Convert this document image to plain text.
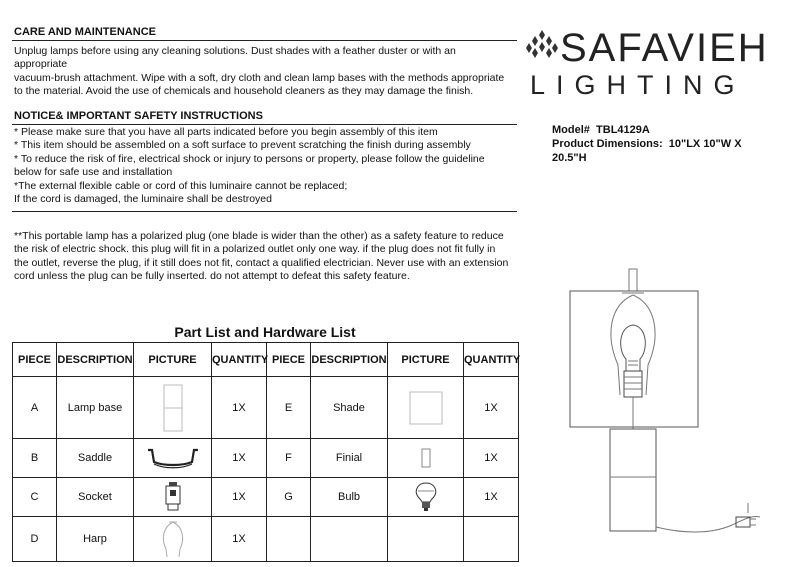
CARE AND MAINTENANCE
Unplug lamps before using any cleaning solutions. Dust shades with a feather duster or with an
appropriate
vacuum-brush attachment. Wipe with a soft, dry cloth and clean lamp bases with the methods appropriate
to the material. Avoid the use of chemicals and household cleaners as they may damage the finish.
NOTICE& IMPORTANT SAFETY INSTRUCTIONS
* Please make sure that you have all parts indicated before you begin assembly of this item
* This item should be assembled on a soft surface to prevent scratching the finish during assembly
* To reduce the risk of fire, electrical shock or injury to persons or property, please follow the guideline
below for safe use and installation
*The external flexible cable or cord of this luminaire cannot be replaced;
If the cord is damaged, the luminaire shall be destroyed
**This portable lamp has a polarized plug (one blade is wider than the other) as a safety feature to reduce
the risk of electric shock. this plug will fit in a polarized outlet only one way. if the plug does not fit fully in
the outlet, reverse the plug, if it still does not fit, contact a qualified electrician. Never use with an extension
cord unless the plug can be fully inserted. do not attempt to defeat this safety feature.
SAFAVIEH
LIGHTING
Model# TBL4129A
Product Dimensions: 10"LX 10"W X
20.5"H
Part List and Hardware List
PIECE	DESCRIPTION	PICTURE	QUANTITY	PIECE	DESCRIPTION	PICTURE	QUANTITY
A	Lamp base		1X	E	Shade		1X
B	Saddle		1X	F	Finial		1X
C	Socket		1X	G	Bulb		1X
D	Harp		1X				
